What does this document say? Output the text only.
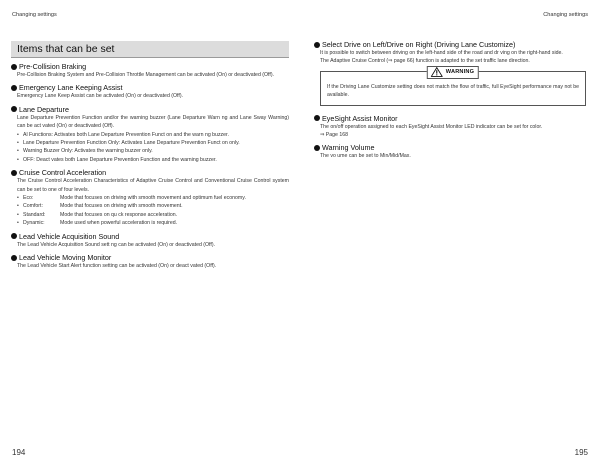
Changing settings	Changing settings
Items that can be set
Pre-Collision Braking
Pre-Collision Braking System and Pre-Collision Throttle Management can be activated (On) or deactivated (Off).
Emergency Lane Keeping Assist
Emergency Lane Keep Assist can be activated (On) or deactivated (Off).
Lane Departure
Lane Departure Prevention Function and/or the warning buzzer (Lane Departure Warn ng and Lane Sway Warning) can be act vated (On) or deactivated (Off).
• Al Functions: Activates both Lane Departure Prevention Funct on and the warn ng buzzer.
• Lane Departure Prevention Function Only: Activates Lane Departure Prevention Funct on only.
• Warning Buzzer Only: Activates the warning buzzer only.
• OFF: Deact vates both Lane Departure Prevention Function and the warning buzzer.
Cruise Control Acceleration
The Cruise Control Acceleration Characteristics of Adaptive Cruise Control and Conventional Cruise Control system can be set to one of four levels.
• Eco:	Mode that focuses on driving with smooth movement and optimum fuel economy.
• Comfort:	Mode that focuses on driving with smooth movement.
• Standard:	Mode that focuses on qu ck response acceleration.
• Dynamic:	Mode used when powerful acceleration is required.
Lead Vehicle Acquisition Sound
The Lead Vehicle Acquisition Sound sett ng can be activated (On) or deactivated (Off).
Lead Vehicle Moving Monitor
The Lead Vehicle Start Alert function setting can be activated (On) or deact vated (Off).
Select Drive on Left/Drive on Right (Driving Lane Customize)
It is possible to switch between driving on the left-hand side of the road and dr ving on the right-hand side.
The Adaptive Cruise Control (⇒ page 66) function is adapted to the set traffic lane direction.
WARNING
If the Driving Lane Customize setting does not match the flow of traffic, full EyeSight performance may not be available.
EyeSight Assist Monitor
The on/off operation assigned to each EyeSight Assist Monitor LED indicator can be set for color.
⇒ Page 168
Warning Volume
The vo ume can be set to Min/Mid/Max.
194	195
